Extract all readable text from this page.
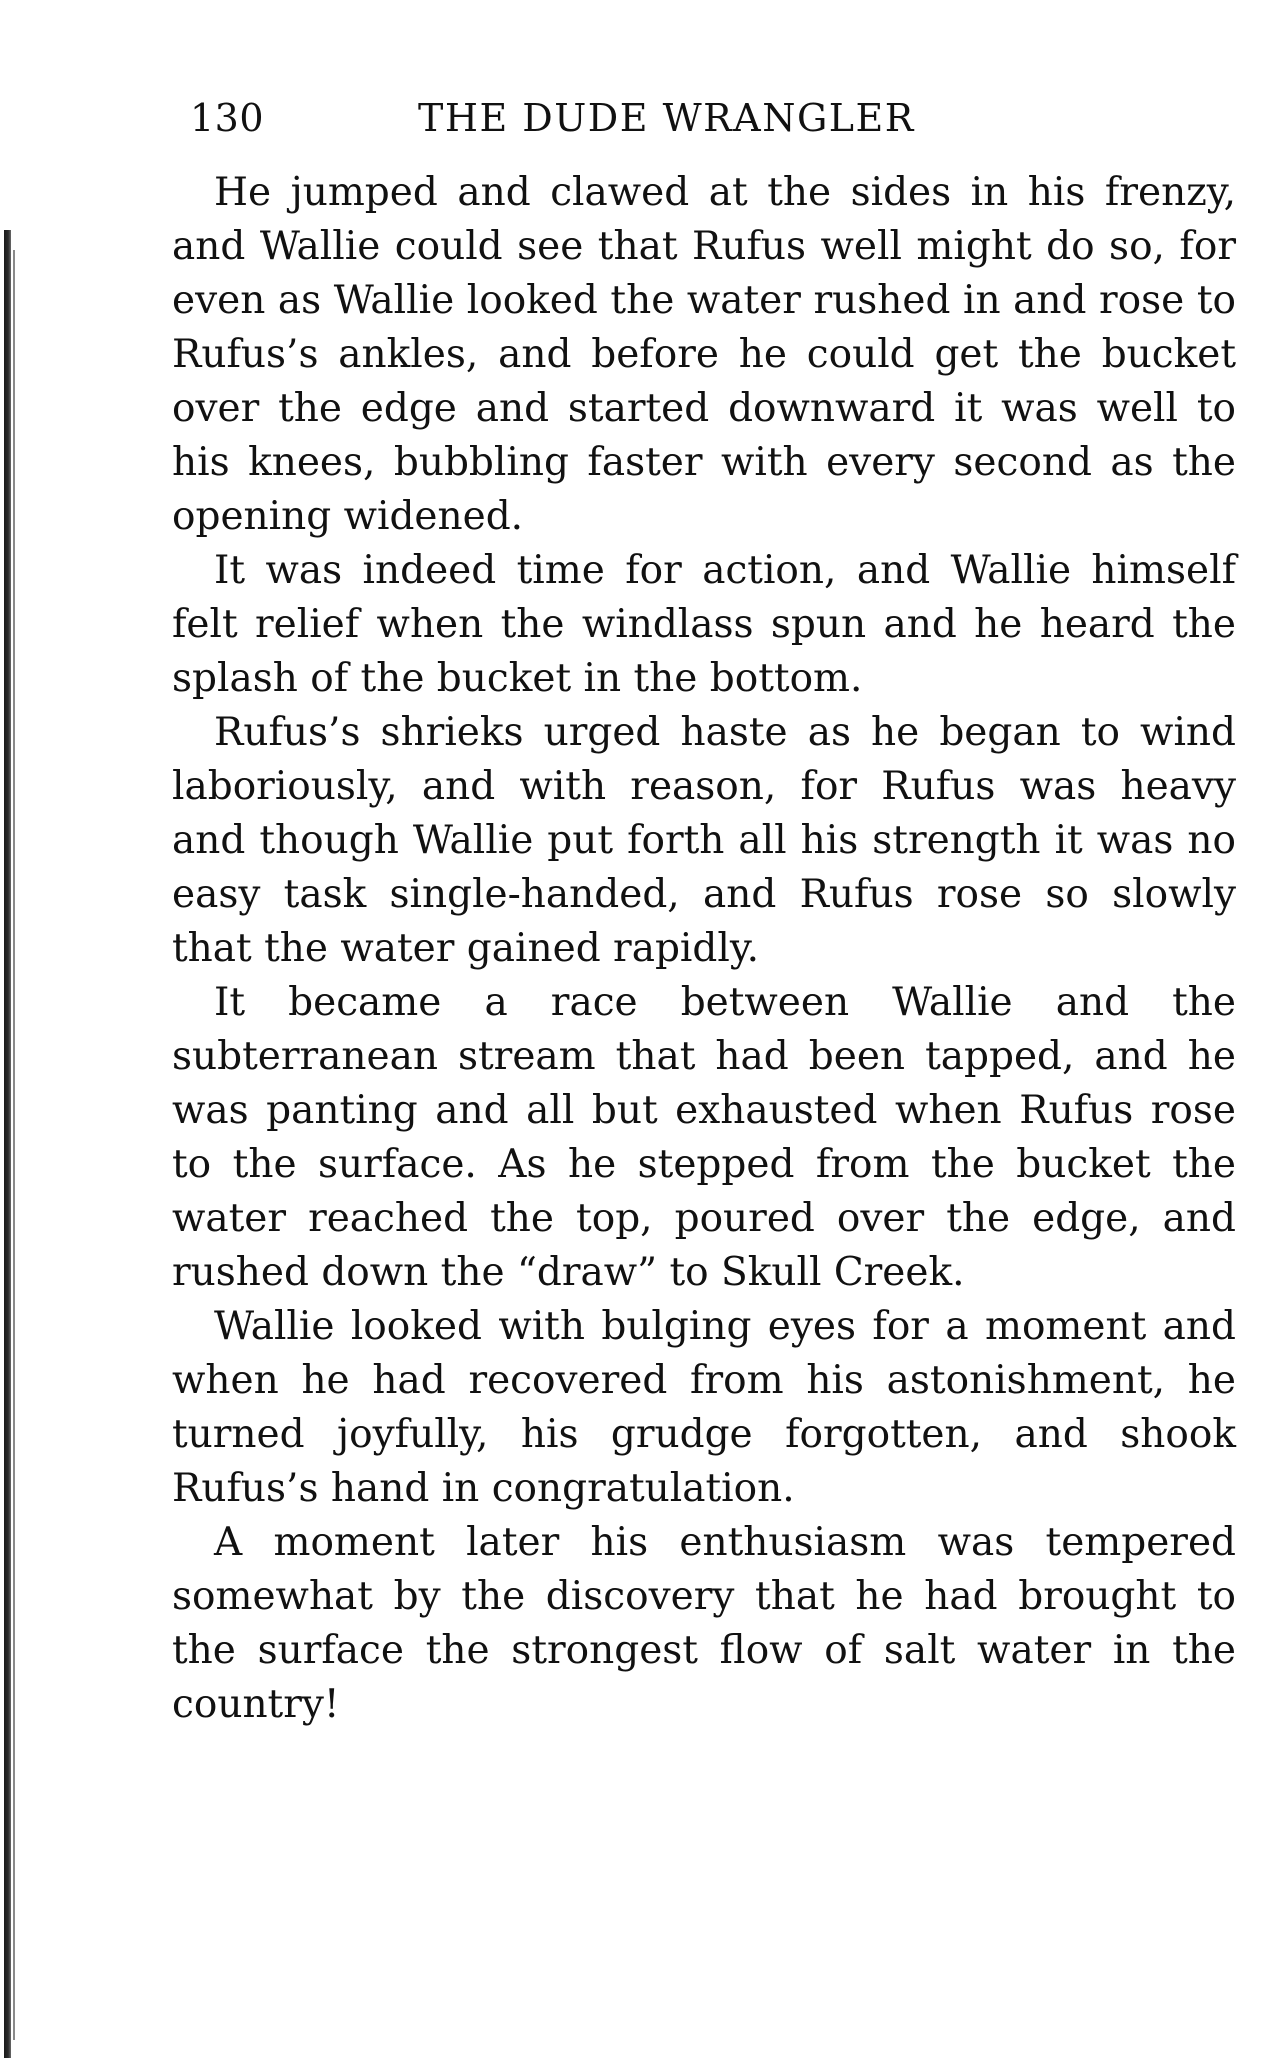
130	THE DUDE WRANGLER

He jumped and clawed at the sides in his frenzy, and Wallie could see that Rufus well might do so, for even as Wallie looked the water rushed in and rose to Rufus’s ankles, and before he could get the bucket over the edge and started downward it was well to his knees, bubbling faster with every second as the opening widened.

It was indeed time for action, and Wallie himself felt relief when the windlass spun and he heard the splash of the bucket in the bottom.

Rufus’s shrieks urged haste as he began to wind laboriously, and with reason, for Rufus was heavy and though Wallie put forth all his strength it was no easy task single-handed, and Rufus rose so slowly that the water gained rapidly.

It became a race between Wallie and the subterranean stream that had been tapped, and he was panting and all but exhausted when Rufus rose to the surface. As he stepped from the bucket the water reached the top, poured over the edge, and rushed down the “draw” to Skull Creek.

Wallie looked with bulging eyes for a moment and when he had recovered from his astonishment, he turned joyfully, his grudge forgotten, and shook Rufus’s hand in congratulation.

A moment later his enthusiasm was tempered somewhat by the discovery that he had brought to the surface the strongest flow of salt water in the country!
